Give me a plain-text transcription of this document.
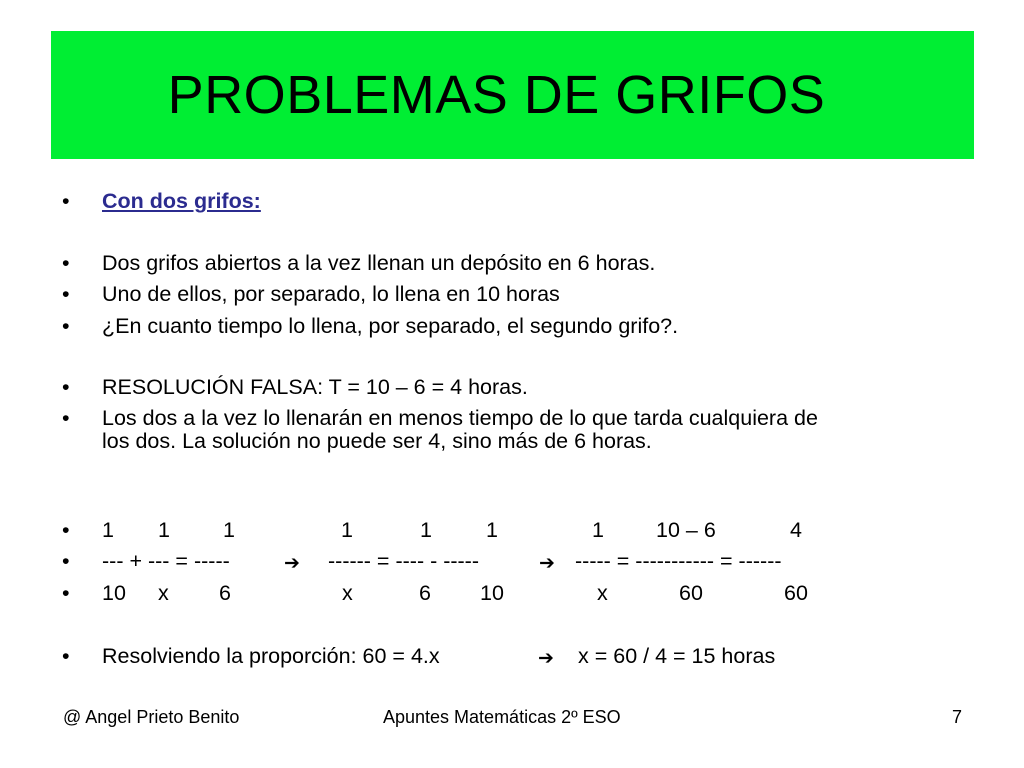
PROBLEMAS DE GRIFOS
•	Con dos grifos:
•	Dos grifos abiertos a la vez llenan un depósito en 6 horas.
•	Uno de ellos, por separado, lo llena en 10 horas
•	¿En cuanto tiempo lo llena, por separado, el segundo grifo?.
•	RESOLUCIÓN FALSA: T = 10 – 6 = 4 horas.
•	Los dos a la vez lo llenarán en menos tiempo de lo que tarda cualquiera de
los dos. La solución no puede ser 4, sino más de 6 horas.
•	1 1 1	1	1	1	1 10 – 6	4
•	--- + --- = -----	➔ ------ = ---- - -----	➔ ----- = ----------- = ------
•	10 x 6	x	6 10	x	60	60
•	Resolviendo la proporción: 60 = 4.x	➔ x = 60 / 4 = 15 horas
@ Angel Prieto Benito	Apuntes Matemáticas 2º ESO	7
